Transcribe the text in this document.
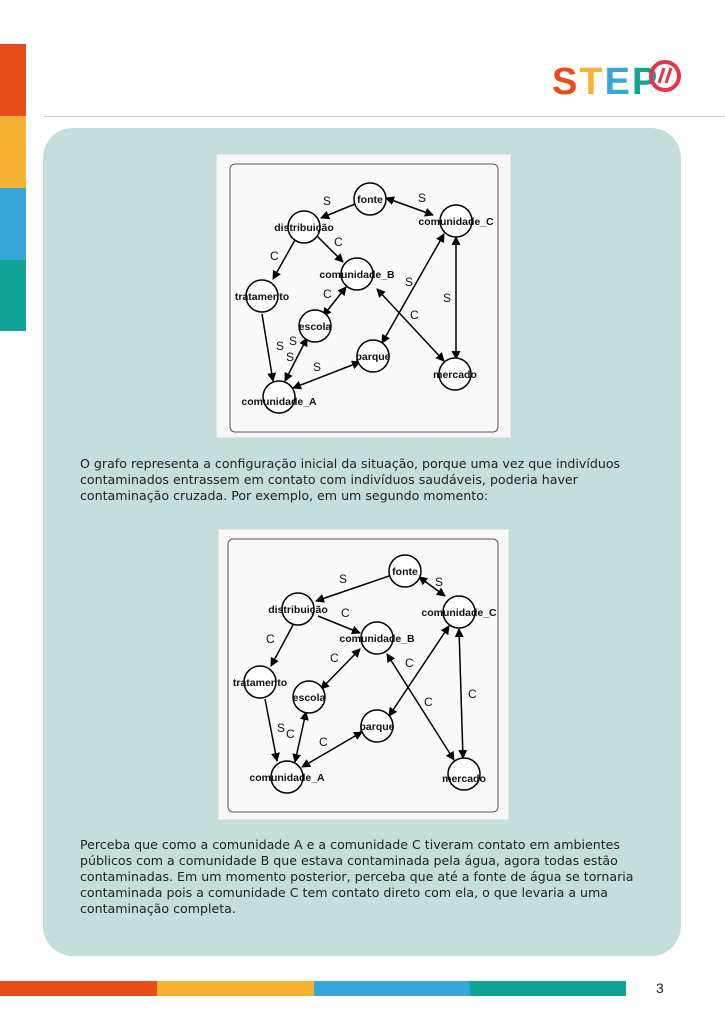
STEP
fonte
distribuição	comunidade_C
comunidade_B
tratamento
escola
parque
mercado
comunidade_A
S	S
C
C
S
S
C
C
S
S
S
S

O grafo representa a configuração inicial da situação, porque uma vez que indivíduos contaminados entrassem em contato com indivíduos saudáveis, poderia haver contaminação cruzada. Por exemplo, em um segundo momento:

fonte
distribuição	comunidade_C
comunidade_B
tratamento
escola
parque
mercado
comunidade_A
S	S
C
C
C	C
C
C
C
S C

Perceba que como a comunidade A e a comunidade C tiveram contato em ambientes públicos com a comunidade B que estava contaminada pela água, agora todas estão contaminadas. Em um momento posterior, perceba que até a fonte de água se tornaria contaminada pois a comunidade C tem contato direto com ela, o que levaria a uma contaminação completa.

3
